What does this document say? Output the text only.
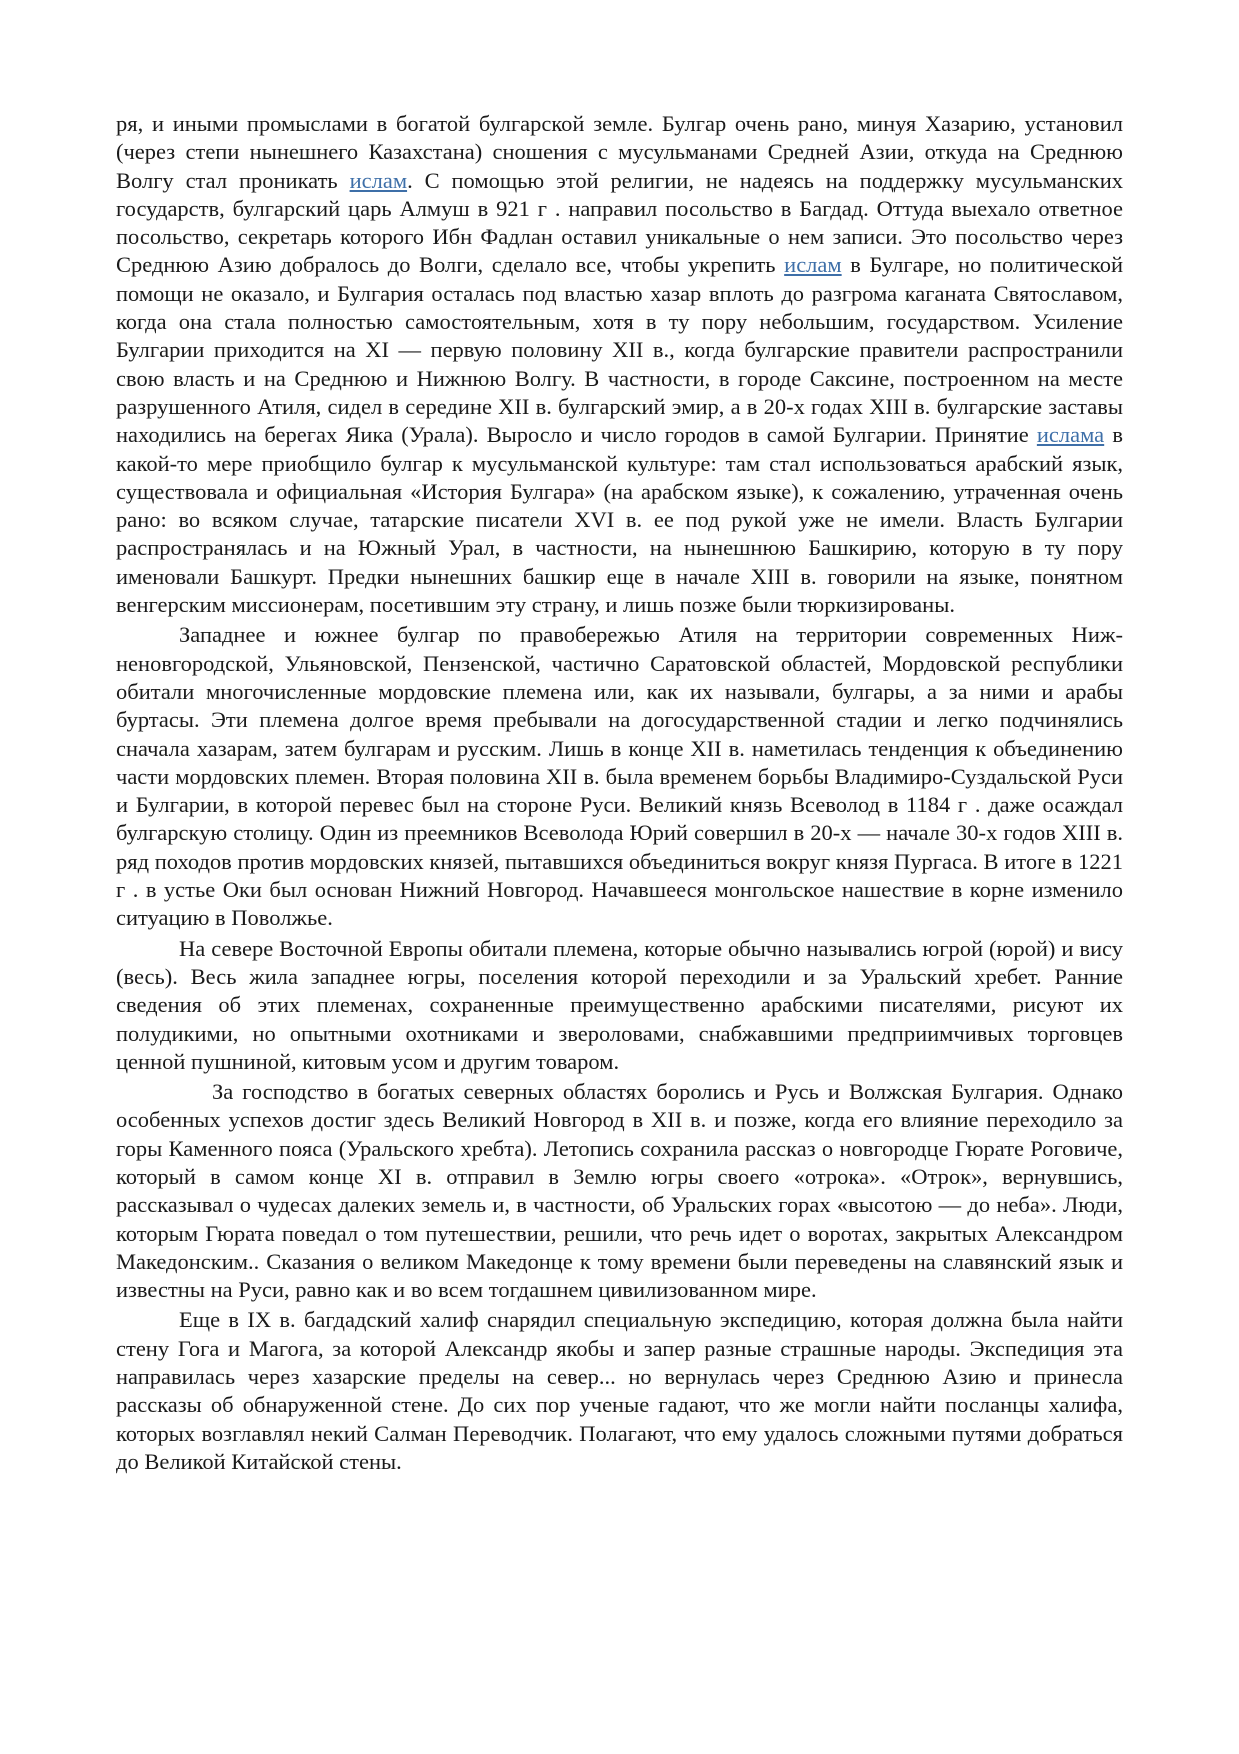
ря, и иными промыслами в богатой булгарской земле. Булгар очень рано, минуя Хазарию, установил (через степи нынешнего Казахстана) сношения с мусульманами Средней Азии, откуда на Среднюю Волгу стал проникать ислам. С помощью этой религии, не надеясь на поддержку мусульманских государств, булгарский царь Алмуш в 921 г . направил посольство в Багдад. Оттуда выехало ответное посольство, секретарь которого Ибн Фадлан оставил уникальные о нем записи. Это посольство через Среднюю Азию добралось до Волги, сделало все, чтобы укрепить ислам в Булгаре, но политической помощи не оказало, и Булгария осталась под властью хазар вплоть до разгрома каганата Святославом, когда она стала полностью самостоятельным, хотя в ту пору небольшим, государством. Усиление Булгарии приходится на XI — первую половину XII в., когда булгарские правители распространили свою власть и на Среднюю и Нижнюю Волгу. В частности, в городе Саксине, построенном на месте разрушенного Атиля, сидел в середине XII в. булгарский эмир, а в 20-х годах XIII в. булгарские заставы находились на берегах Яика (Урала). Выросло и число городов в самой Булгарии. Принятие ислама в какой-то мере приобщило булгар к мусульманской культуре: там стал использоваться арабский язык, существовала и официальная «История Булгара» (на арабском языке), к сожалению, утраченная очень рано: во всяком случае, татарские писатели XVI в. ее под рукой уже не имели. Власть Булгарии распространялась и на Южный Урал, в частности, на нынешнюю Башкирию, которую в ту пору именовали Башкурт. Предки нынешних башкир еще в начале XIII в. говорили на языке, понятном венгерским миссионерам, посетившим эту страну, и лишь позже были тюркизированы.

Западнее и южнее булгар по правобережью Атиля на территории современных Нижненовгородской, Ульяновской, Пензенской, частично Саратовской областей, Мордовской республики обитали многочисленные мордовские племена или, как их называли, булгары, а за ними и арабы буртасы. Эти племена долгое время пребывали на догосударственной стадии и легко подчинялись сначала хазарам, затем булгарам и русским. Лишь в конце XII в. наметилась тенденция к объединению части мордовских племен. Вторая половина XII в. была временем борьбы Владимиро-Суздальской Руси и Булгарии, в которой перевес был на стороне Руси. Великий князь Всеволод в 1184 г . даже осаждал булгарскую столицу. Один из преемников Всеволода Юрий совершил в 20-х — начале 30-х годов XIII в. ряд походов против мордовских князей, пытавшихся объединиться вокруг князя Пургаса. В итоге в 1221 г . в устье Оки был основан Нижний Новгород. Начавшееся монгольское нашествие в корне изменило ситуацию в Поволжье.

На севере Восточной Европы обитали племена, которые обычно назывались югрой (юрой) и вису (весь). Весь жила западнее югры, поселения которой переходили и за Уральский хребет. Ранние сведения об этих племенах, сохраненные преимущественно арабскими писателями, рисуют их полудикими, но опытными охотниками и звероловами, снабжавшими предприимчивых торговцев ценной пушниной, китовым усом и другим товаром.

За господство в богатых северных областях боролись и Русь и Волжская Булгария. Однако особенных успехов достиг здесь Великий Новгород в XII в. и позже, когда его влияние переходило за горы Каменного пояса (Уральского хребта). Летопись сохранила рассказ о новгородце Гюрате Роговиче, который в самом конце XI в. отправил в Землю югры своего «отрока». «Отрок», вернувшись, рассказывал о чудесах далеких земель и, в частности, об Уральских горах «высотою — до неба». Люди, которым Гюрата поведал о том путешествии, решили, что речь идет о воротах, закрытых Александром Македонским.. Сказания о великом Македонце к тому времени были переведены на славянский язык и известны на Руси, равно как и во всем тогдашнем цивилизованном мире.

Еще в IX в. багдадский халиф снарядил специальную экспедицию, которая должна была найти стену Гога и Магога, за которой Александр якобы и запер разные страшные народы. Экспедиция эта направилась через хазарские пределы на север... но вернулась через Среднюю Азию и принесла рассказы об обнаруженной стене. До сих пор ученые гадают, что же могли найти посланцы халифа, которых возглавлял некий Салман Переводчик. Полагают, что ему удалось сложными путями добраться до Великой Китайской стены.
